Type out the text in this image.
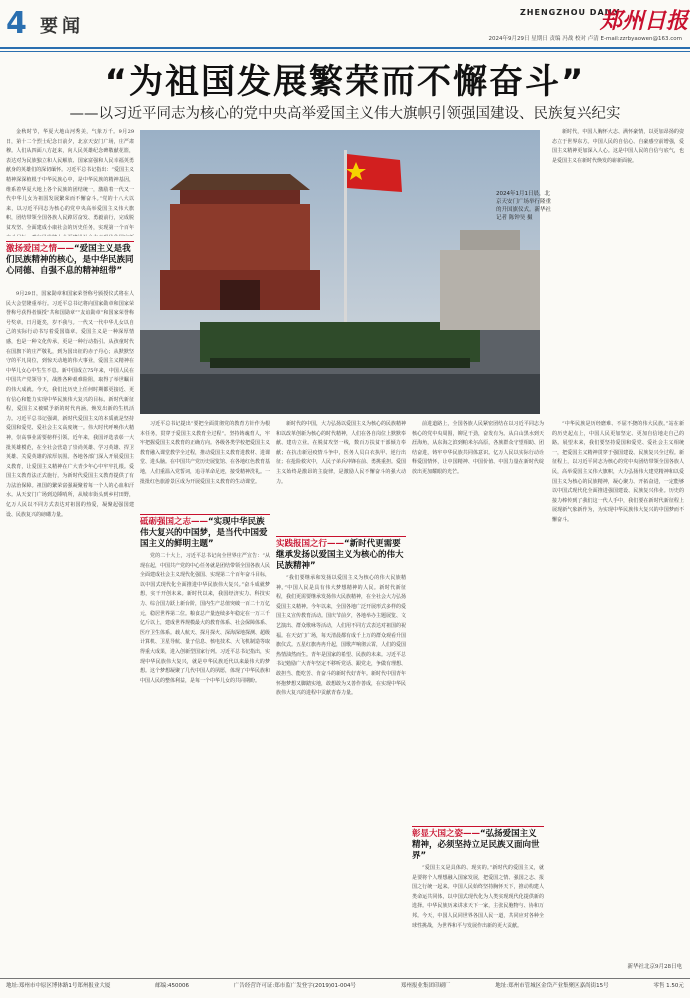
4 要闻
ZHENGZHOU DAILY
郑州日报
2024年9月29日 星期日 责编 冯战 校对 卢清 E-mail:zzrbyaowen@163.com
“为祖国发展繁荣而不懈奋斗”
——以习近平同志为核心的党中央高举爱国主义伟大旗帜引领强国建设、民族复兴纪实
2024年1月1日晨，北京天安门广场举行隆重的升国旗仪式。新华社记者 陈钟昊 摄

金秋时节，华夏大地山河秀美，气象万千。9月29日，第十二个烈士纪念日前夕，北京天安门广场，庄严肃穆。人们从四面八方赶来，向人民英雄纪念碑敬献花篮，表达对为民族独立和人民解放、国家富强和人民幸福英勇献身的英雄们的深切缅怀。习近平总书记指出：“爱国主义精神深深植根于中华民族心中，是中华民族的精神基因，维系着华夏大地上各个民族的团结统一，激励着一代又一代中华儿女为祖国发展繁荣而不懈奋斗。”党的十八大以来，以习近平同志为核心的党中央高举爱国主义伟大旗帜，团结带领全国各族人民踔厉奋发、勇毅前行，完成脱贫攻坚、全面建成小康社会的历史任务，实现第一个百年

激扬爱国之情——“爱国主义是我们民族精神的核心，是中华民族同心同德、自强不息的精神纽带”

9月29日，国家勋章和国家荣誉称号颁授仪式将在人民大会堂隆重举行。习近平总书记将向国家勋章和国家荣誉称号获得者颁授“共和国勋章”“友谊勋章”和国家荣誉称号奖章。日月逝矣，岁不我与。一代又一代中华儿女以自己的实际行动书写着爱国篇章。爱国主义是一种深厚情感，也是一种文化传承，更是一种行动指引。从孩童时代在国旗下的庄严敬礼，到为国出征的赤子丹心；从默默坚守的平凡岗位，到惊天动地的伟大事业，爱国主义精神在中华儿女心中生生不息。新中国成立75年来，中国人民在中国共产党领导下，战胜各种艰难险阻，取得了举世瞩目的伟大成就。今天，我们比历史上任何时期都更接近、更有信心和能力实现中华民族伟大复兴的目标。新时代新征程，爱国主义被赋予新的时代内涵，焕发出新的生机活力。习近平总书记强调，新时代爱国主义的本质就是坚持爱国和爱党、爱社会主义高度统一。伟大时代呼唤伟大精神，崇高事业需要榜样引领。近年来，我国评选表彰一大批英雄模范，在全社会营造了崇尚英雄、学习英雄、捍卫英雄、关爱英雄的浓厚氛围。各地各部门深入开展爱国主义教育，让爱国主义精神在广大青少年心中牢牢扎根。爱国主义教育法正式施行，为新时代爱国主义教育提供了有力法治保障。祖国的繁荣富强凝聚着每一个人的心血和汗水。从天安门广场到边陲哨所，从城市街头到乡村田野，亿万人民以不同方式表达对祖国的热爱，凝聚起强国建设、民族复兴的磅礴力量。

习近平总书记提出“要把全面贯彻党的教育方针作为根本任务，贯穿于爱国主义教育全过程”。坚持铸魂育人，牢牢把握爱国主义教育的正确方向。各级各类学校把爱国主义教育融入课堂教学全过程，推动爱国主义教育进教材、进课堂、进头脑。在中国共产党历史展览馆、在各地红色教育基地，人们重温入党誓词，追寻革命足迹，接受精神洗礼。一批批红色旅游景区成为开展爱国主义教育的生动课堂。

砥砺强国之志——“实现中华民族伟大复兴的中国梦，是当代中国爱国主义的鲜明主题”

党的二十大上，习近平总书记向全世界庄严宣告：“从现在起，中国共产党的中心任务就是团结带领全国各族人民全面建成社会主义现代化强国、实现第二个百年奋斗目标，以中国式现代化全面推进中华民族伟大复兴。”奋斗成就梦想，实干开创未来。新时代以来，我国经济实力、科技实力、综合国力跃上新台阶，国内生产总值突破一百二十万亿元，稳居世界第二位。粮食总产量连续多年稳定在一万三千亿斤以上，建成世界规模最大的教育体系、社会保障体系、医疗卫生体系。载人航天、探月探火、深海深地探测、超级计算机、卫星导航、量子信息、核电技术、大飞机制造等取得重大成果，进入创新型国家行列。习近平总书记指出，实现中华民族伟大复兴，就是中华民族近代以来最伟大的梦想。这个梦想凝聚了几代中国人的夙愿，体现了中华民族和中国人民的整体利益，是每一个中华儿女的共同期盼。

新时代的中国，大力弘扬以爱国主义为核心的民族精神和以改革创新为核心的时代精神，人们在各自岗位上默默奉献、建功立业。在脱贫攻坚一线，数百万扶贫干部倾力奉献；在抗击新冠疫情斗争中，医务人员白衣执甲、逆行出征；在抢险救灾中，人民子弟兵冲锋在前、勇挑重担。爱国主义始终是激昂的主旋律，是激励人民不懈奋斗的强大动力。

实践报国之行——“新时代更需要继承发扬以爱国主义为核心的伟大民族精神”

“我们要继承和发扬以爱国主义为核心的伟大民族精神。”中国人民是具有伟大梦想精神的人民。新时代新征程，我们更需要继承发扬伟大民族精神，在全社会大力弘扬爱国主义精神。今年以来，全国各地广泛开展形式多样的爱国主义宣传教育活动。国庆节前夕，各地举办主题展览、文艺演出、群众歌咏等活动，人们用不同方式表达对祖国的祝福。在天安门广场，每天清晨都有成千上万的群众观看升国旗仪式。五星红旗冉冉升起，国歌声响彻云霄，人们的爱国热情油然而生。青年是国家的希望、民族的未来。习近平总书记勉励广大青年坚定不移听党话、跟党走，争做有理想、敢担当、能吃苦、肯奋斗的新时代好青年。新时代中国青年怀抱梦想又脚踏实地，敢想敢为又善作善成，在实现中华民族伟大复兴的进程中贡献青春力量。

前进道路上，全国各族人民紧密团结在以习近平同志为核心的党中央周围，铆足干劲，奋发有为。从白山黑水到天涯海角，从东海之滨到帕米尔高原，各族群众守望相助、团结奋进，铸牢中华民族共同体意识。亿万人民以实际行动诠释爱国情怀，让中国精神、中国价值、中国力量在新时代绽放出更加耀眼的光芒。

彰显大国之姿——“弘扬爱国主义精神，必须坚持立足民族又面向世界”

“爱国主义是具体的、现实的。”新时代的爱国主义，就是要将个人理想融入国家发展，把爱国之情、强国之志、报国之行统一起来。中国人民始终坚持胸怀天下，推动构建人类命运共同体，以中国式现代化为人类实现现代化提供新的选择。中华民族历来讲求天下一家，主张民胞物与、协和万邦。今天，中国人民同世界各国人民一道，共同应对各种全球性挑战，为世界和平与发展作出新的更大贡献。

新时代，中国人胸怀大志、满怀豪情，以更加昂扬的姿态立于世界东方。中国人民的自信心、自豪感空前增强，爱国主义精神更加深入人心。这是中国人民的自信与底气，也是爱国主义在新时代焕发的崭新面貌。

“中华民族是历经磨难、不屈不挠的伟大民族。”站在新的历史起点上，中国人民更加坚定、更加自信地走自己的路。展望未来，我们要坚持爱国和爱党、爱社会主义相统一，把爱国主义精神贯穿于强国建设、民族复兴全过程。新征程上，以习近平同志为核心的党中央团结带领全国各族人民，高举爱国主义伟大旗帜，大力弘扬伟大建党精神和以爱国主义为核心的民族精神，凝心聚力、开拓奋进，一定能够以中国式现代化全面推进强国建设、民族复兴伟业。历史的接力棒传到了我们这一代人手中，我们要在新时代新征程上展现新气象新作为，为实现中华民族伟大复兴的中国梦而不懈奋斗。

新华社北京9月28日电
地址:郑州市中原区博体路1号郑州报业大厦	邮编:450006	广告经营许可证:郑市监广发登字(2019)01-004号	郑州报业集团印刷厂	地址:郑州市管城区金岱产业集聚区嘉尚街15号	零售 1.50元
